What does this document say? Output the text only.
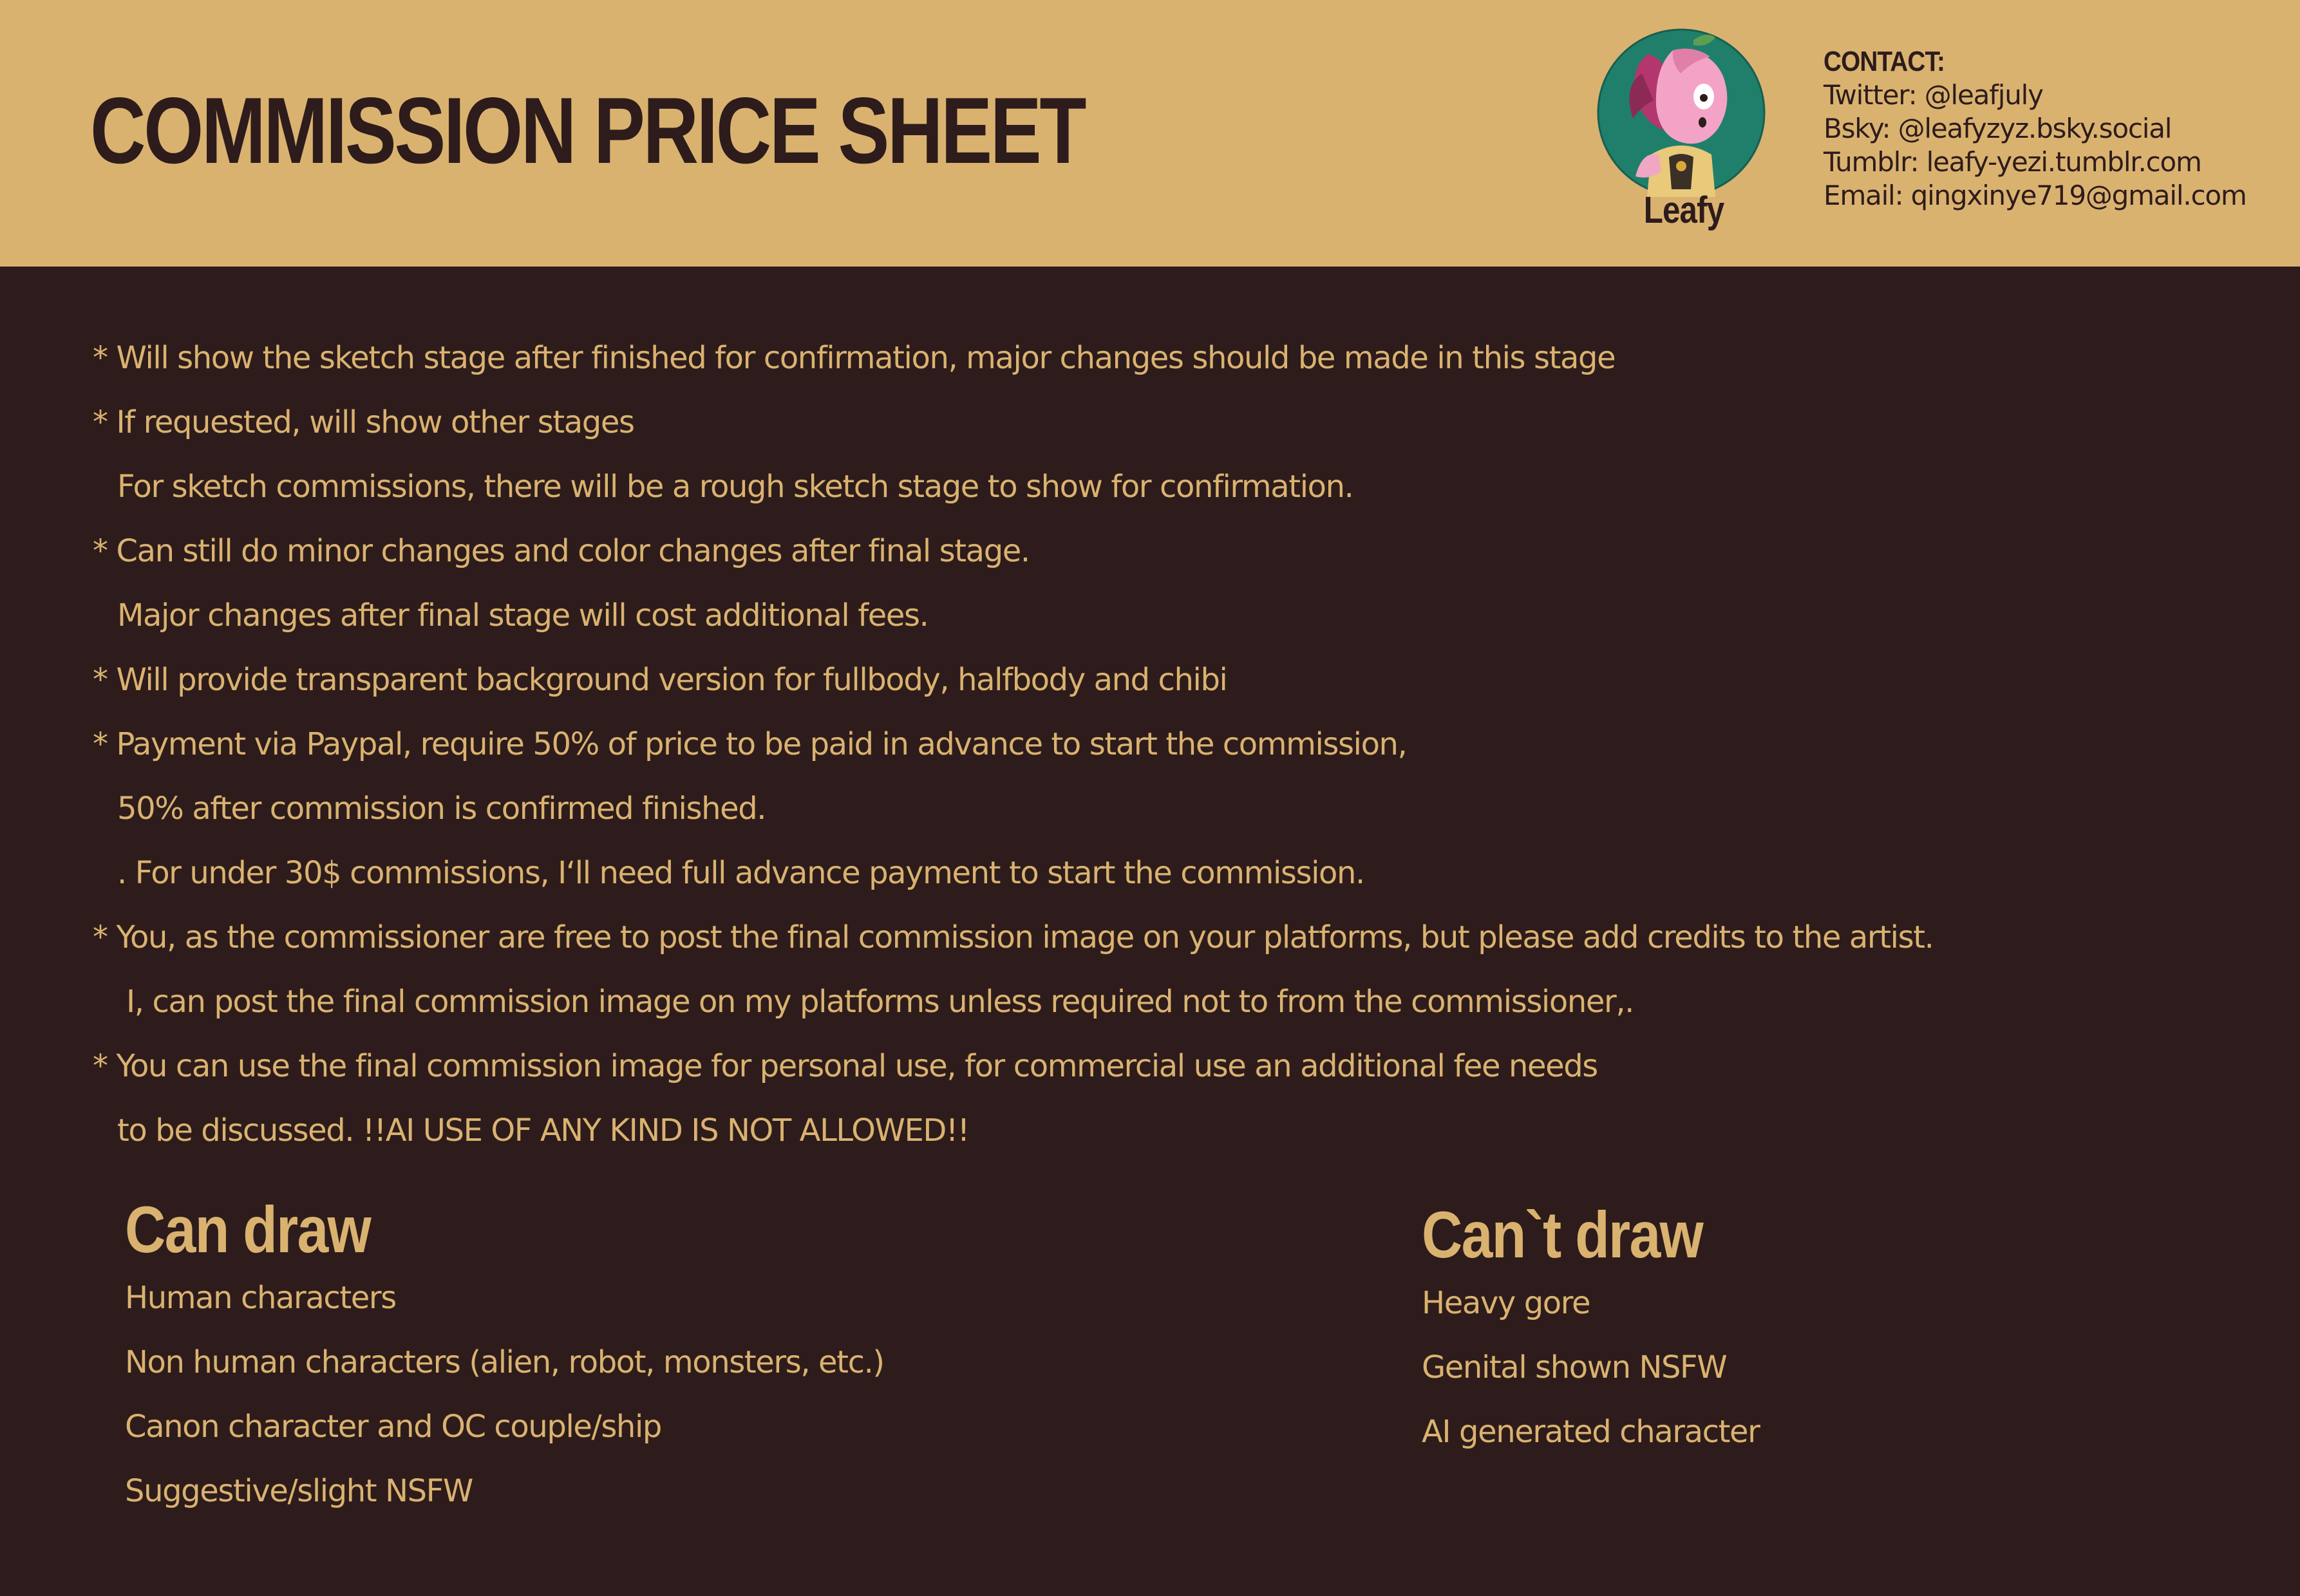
COMMISSION PRICE SHEET
Leafy
CONTACT:
Twitter: @leafjuly
Bsky: @leafyzyz.bsky.social
Tumblr: leafy-yezi.tumblr.com
Email: qingxinye719@gmail.com
* Will show the sketch stage after finished for confirmation, major changes should be made in this stage
* If requested, will show other stages
For sketch commissions, there will be a rough sketch stage to show for confirmation.
* Can still do minor changes and color changes after final stage.
Major changes after final stage will cost additional fees.
* Will provide transparent background version for fullbody, halfbody and chibi
* Payment via Paypal, require 50% of price to be paid in advance to start the commission,
50% after commission is confirmed finished.
. For under 30$ commissions, I‘ll need full advance payment to start the commission.
* You, as the commissioner are free to post the final commission image on your platforms, but please add credits to the artist.
I, can post the final commission image on my platforms unless required not to from the commissioner,.
* You can use the final commission image for personal use, for commercial use an additional fee needs
to be discussed. !!AI USE OF ANY KIND IS NOT ALLOWED!!
Can draw
Human characters
Non human characters (alien, robot, monsters, etc.)
Canon character and OC couple/ship
Suggestive/slight NSFW
Can`t draw
Heavy gore
Genital shown NSFW
AI generated character
